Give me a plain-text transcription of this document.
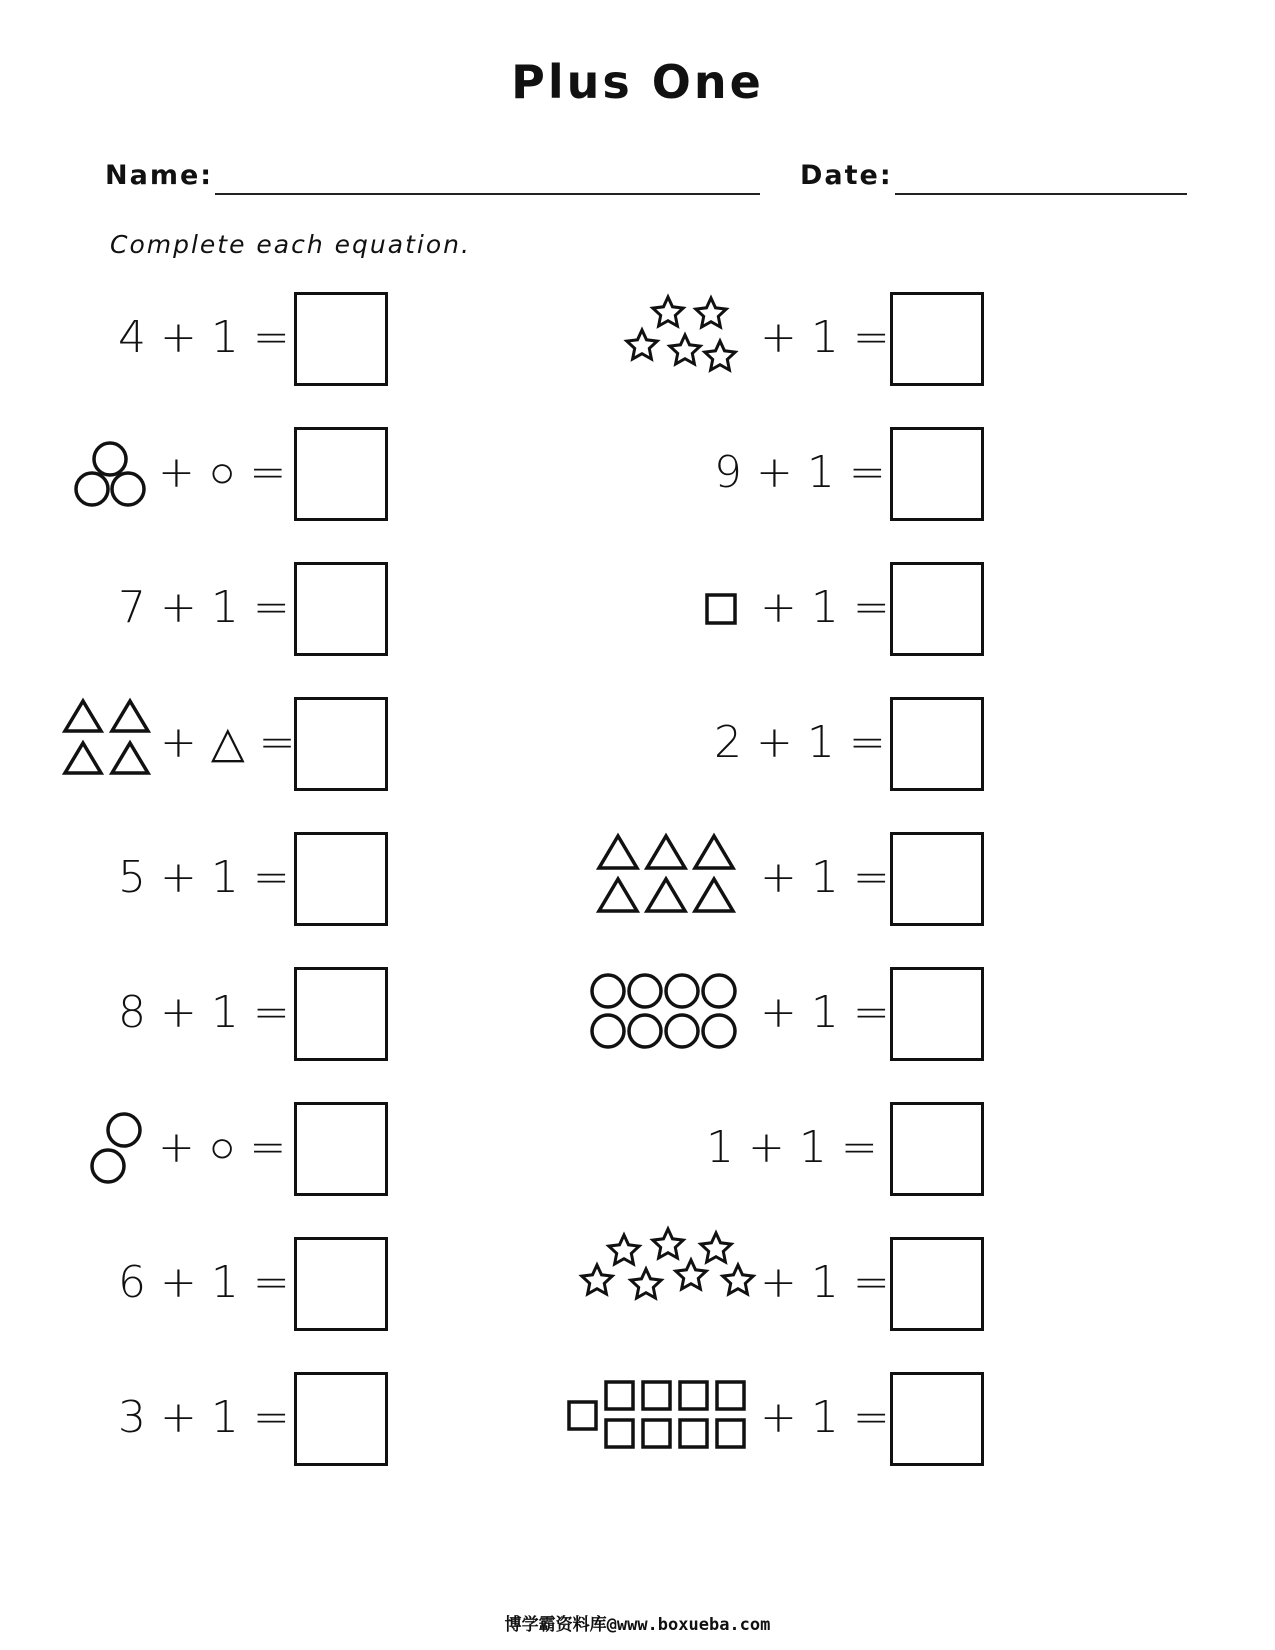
Plus One
Name:	Date:
Complete each equation.
4 + 1 =
+ ○ =
7 + 1 =
+ △ =
5 + 1 =
8 + 1 =
+ ○ =
6 + 1 =
3 + 1 =
+ 1 =
9 + 1 =
+ 1 =
2 + 1 =
+ 1 =
+ 1 =
1 + 1 =
+ 1 =
+ 1 =
博学霸资料库@www.boxueba.com
